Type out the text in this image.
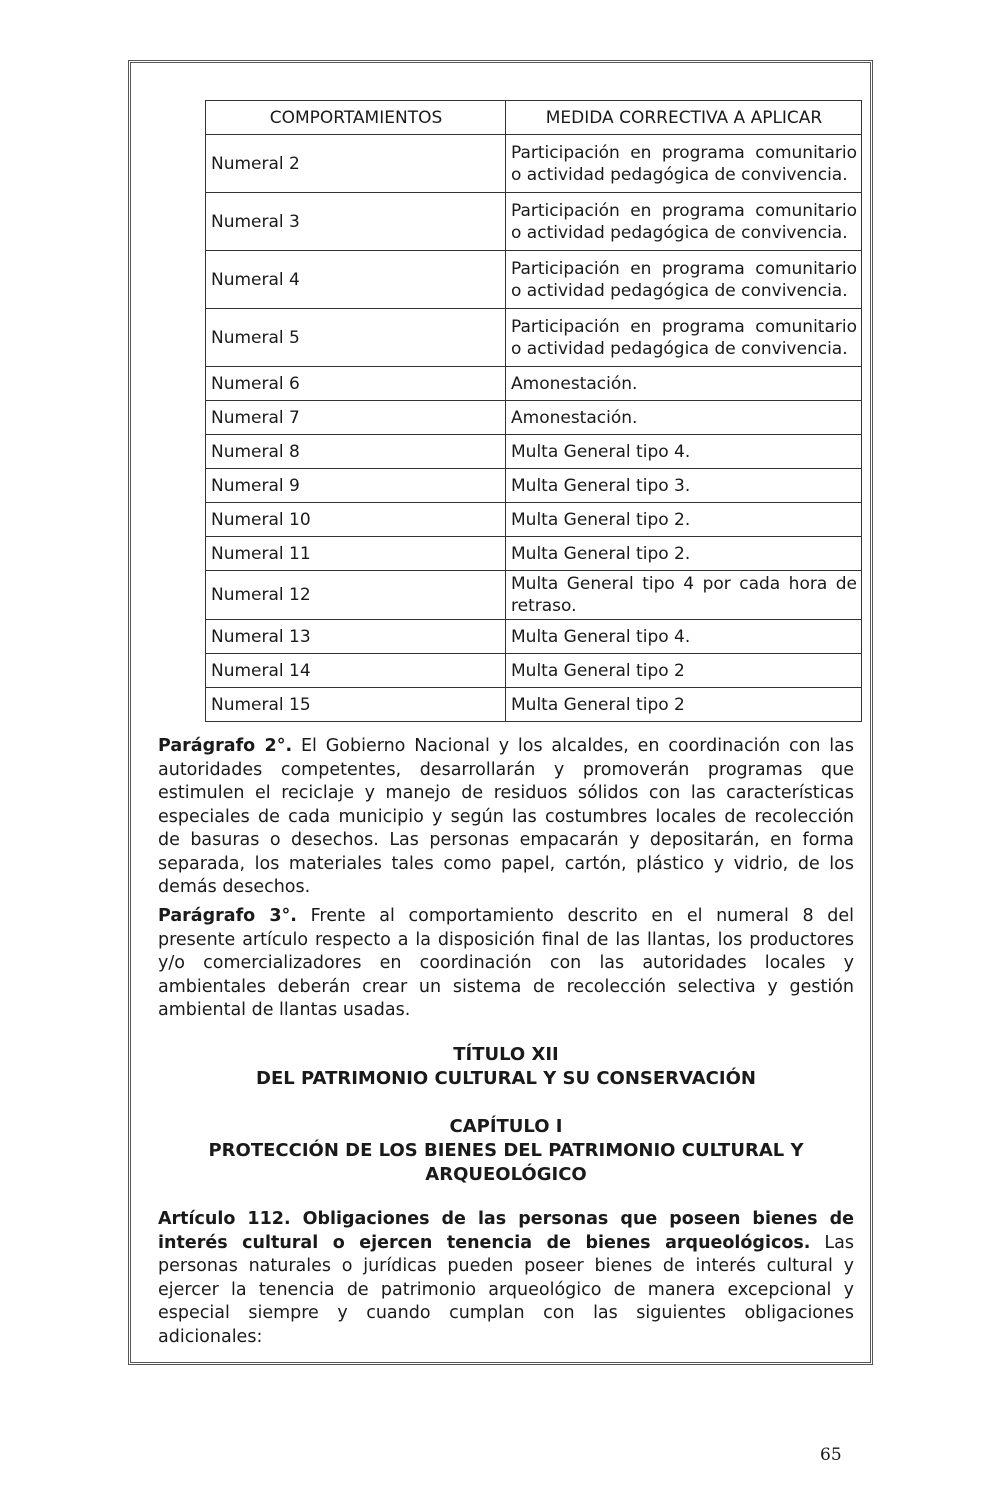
COMPORTAMIENTOS	MEDIDA CORRECTIVA A APLICAR
Numeral 2	Participación en programa comunitario o actividad pedagógica de convivencia.
Numeral 3	Participación en programa comunitario o actividad pedagógica de convivencia.
Numeral 4	Participación en programa comunitario o actividad pedagógica de convivencia.
Numeral 5	Participación en programa comunitario o actividad pedagógica de convivencia.
Numeral 6	Amonestación.
Numeral 7	Amonestación.
Numeral 8	Multa General tipo 4.
Numeral 9	Multa General tipo 3.
Numeral 10	Multa General tipo 2.
Numeral 11	Multa General tipo 2.
Numeral 12	Multa General tipo 4 por cada hora de retraso.
Numeral 13	Multa General tipo 4.
Numeral 14	Multa General tipo 2
Numeral 15	Multa General tipo 2

Parágrafo 2°. El Gobierno Nacional y los alcaldes, en coordinación con las autoridades competentes, desarrollarán y promoverán programas que estimulen el reciclaje y manejo de residuos sólidos con las características especiales de cada municipio y según las costumbres locales de recolección de basuras o desechos. Las personas empacarán y depositarán, en forma separada, los materiales tales como papel, cartón, plástico y vidrio, de los demás desechos.

Parágrafo 3°. Frente al comportamiento descrito en el numeral 8 del presente artículo respecto a la disposición final de las llantas, los productores y/o comercializadores en coordinación con las autoridades locales y ambientales deberán crear un sistema de recolección selectiva y gestión ambiental de llantas usadas.

TÍTULO XII
DEL PATRIMONIO CULTURAL Y SU CONSERVACIÓN
CAPÍTULO I
PROTECCIÓN DE LOS BIENES DEL PATRIMONIO CULTURAL Y
ARQUEOLÓGICO

Artículo 112. Obligaciones de las personas que poseen bienes de interés cultural o ejercen tenencia de bienes arqueológicos. Las personas naturales o jurídicas pueden poseer bienes de interés cultural y ejercer la tenencia de patrimonio arqueológico de manera excepcional y especial siempre y cuando cumplan con las siguientes obligaciones adicionales:

65
